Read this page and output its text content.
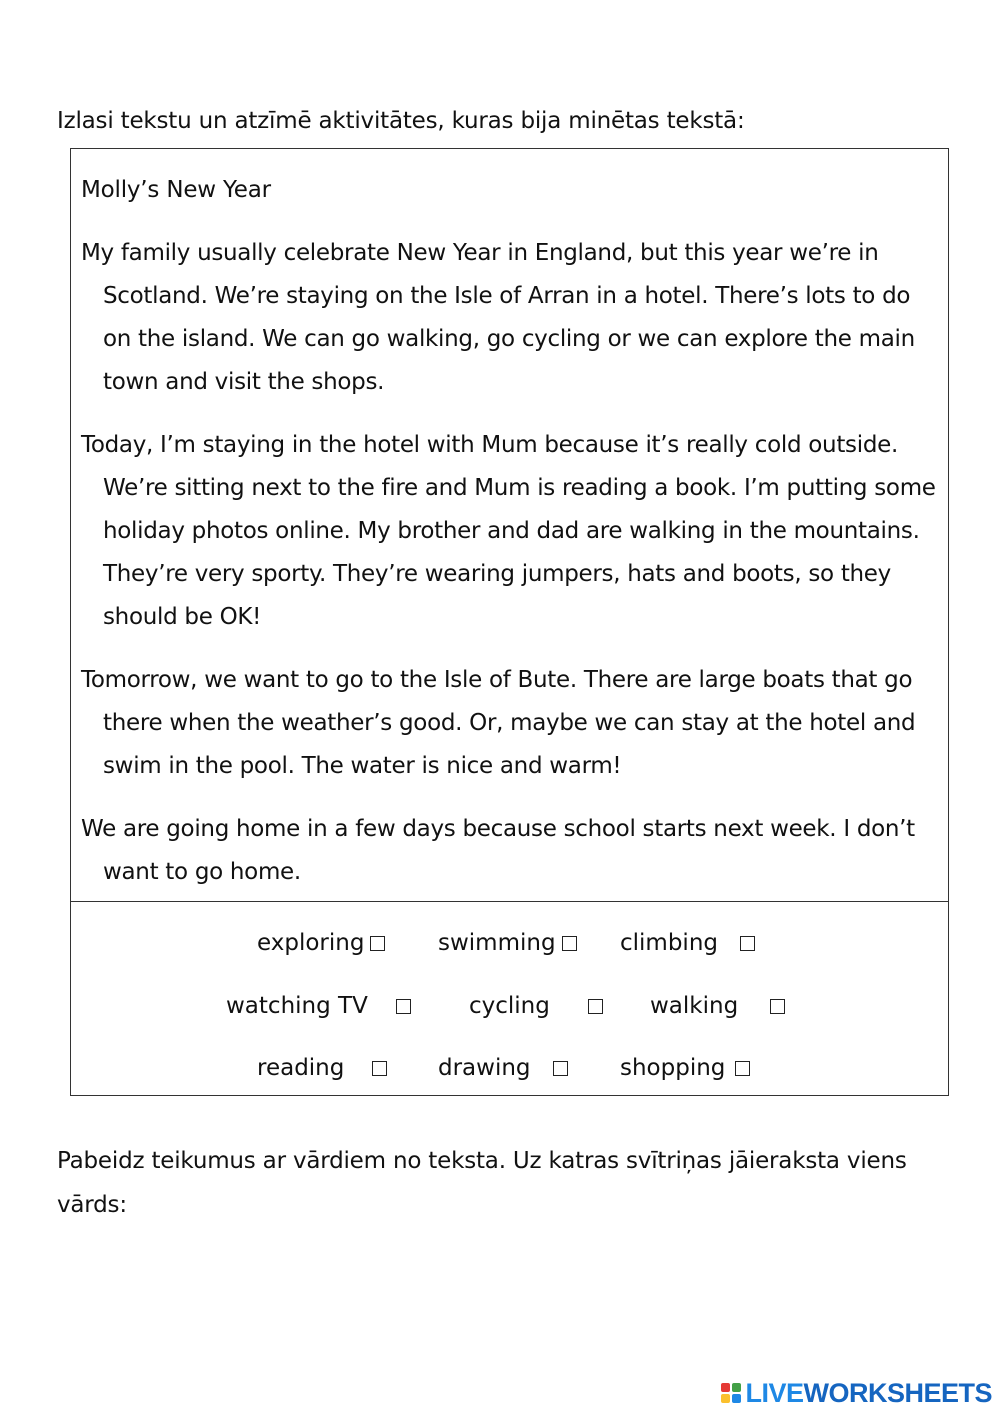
Izlasi tekstu un atzīmē aktivitātes, kuras bija minētas tekstā:

Molly’s New Year

My family usually celebrate New Year in England, but this year we’re in Scotland. We’re staying on the Isle of Arran in a hotel. There’s lots to do on the island. We can go walking, go cycling or we can explore the main town and visit the shops.

Today, I’m staying in the hotel with Mum because it’s really cold outside. We’re sitting next to the fire and Mum is reading a book. I’m putting some holiday photos online. My brother and dad are walking in the mountains. They’re very sporty. They’re wearing jumpers, hats and boots, so they should be OK!

Tomorrow, we want to go to the Isle of Bute. There are large boats that go there when the weather’s good. Or, maybe we can stay at the hotel and swim in the pool. The water is nice and warm!

We are going home in a few days because school starts next week. I don’t want to go home.

exploring	swimming	climbing
watching TV	cycling	walking
reading	drawing	shopping

Pabeidz teikumus ar vārdiem no teksta. Uz katras svītriņas jāieraksta viens vārds:

LIVEWORKSHEETS
